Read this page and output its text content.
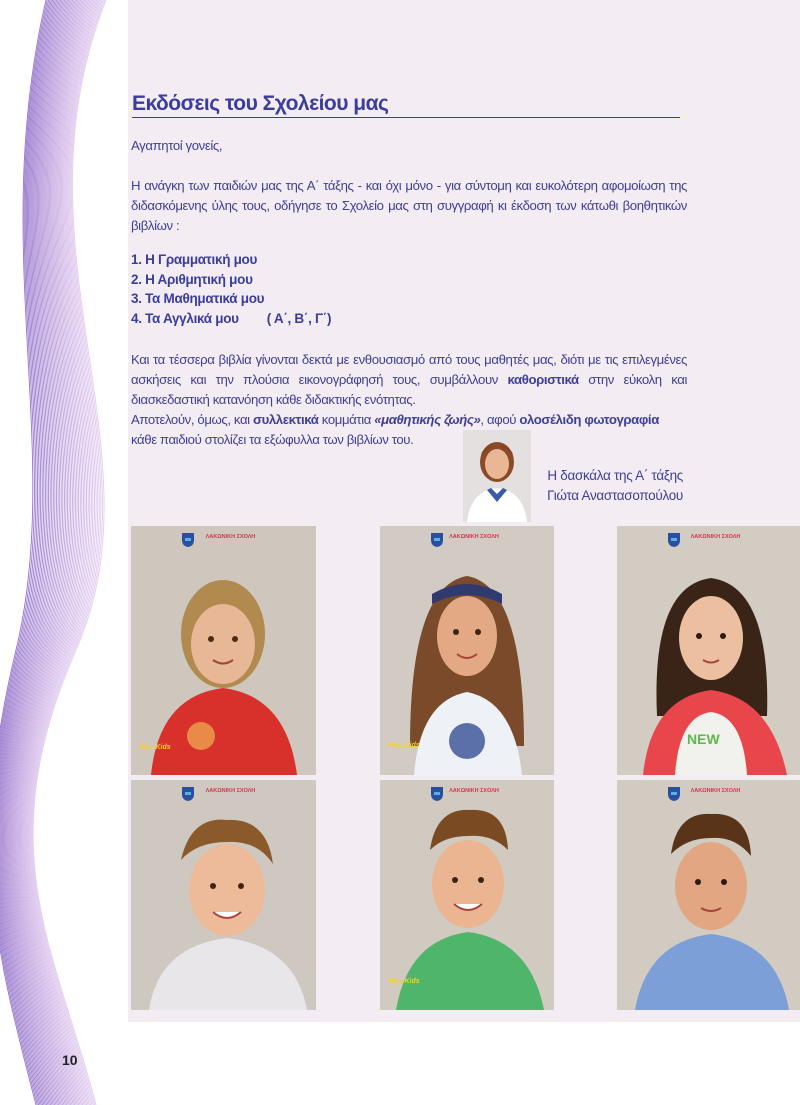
Εκδόσεις του Σχολείου μας
Αγαπητοί γονείς,
Η ανάγκη των παιδιών μας της Α΄ τάξης - και όχι μόνο - για σύντομη και ευκολότερη αφομοίωση της διδασκόμενης ύλης τους, οδήγησε το Σχολείο μας στη συγγραφή κι έκδοση των κάτωθι βοηθητικών βιβλίων :
1. Η Γραμματική μου
2. Η Αριθμητική μου
3. Τα Μαθηματικά μου
4. Τα Αγγλικά μου ( Α΄, Β΄, Γ΄)
Και τα τέσσερα βιβλία γίνονται δεκτά με ενθουσιασμό από τους μαθητές μας, διότι με τις επιλεγμένες ασκήσεις και την πλούσια εικονογράφησή τους, συμβάλλουν καθοριστικά στην εύκολη και διασκεδαστική κατανόηση κάθε διδακτικής ενότητας.
Αποτελούν, όμως, και συλλεκτικά κομμάτια «μαθητικής ζωής», αφού ολοσέλιδη φωτογραφία κάθε παιδιού στολίζει τα εξώφυλλα των βιβλίων του.
Η δασκάλα της Α΄ τάξης
Γιώτα Αναστασοπούλου
ΛΑΚΩΝΙΚΗ ΣΧΟΛΗ
Hey, Kids
ΛΑΚΩΝΙΚΗ ΣΧΟΛΗ
Hey, Kids	NEW
ΛΑΚΩΝΙΚΗ ΣΧΟΛΗ
ΛΑΚΩΝΙΚΗ ΣΧΟΛΗ	ΛΑΚΩΝΙΚΗ ΣΧΟΛΗ
Hey, Kids
ΛΑΚΩΝΙΚΗ ΣΧΟΛΗ
10
